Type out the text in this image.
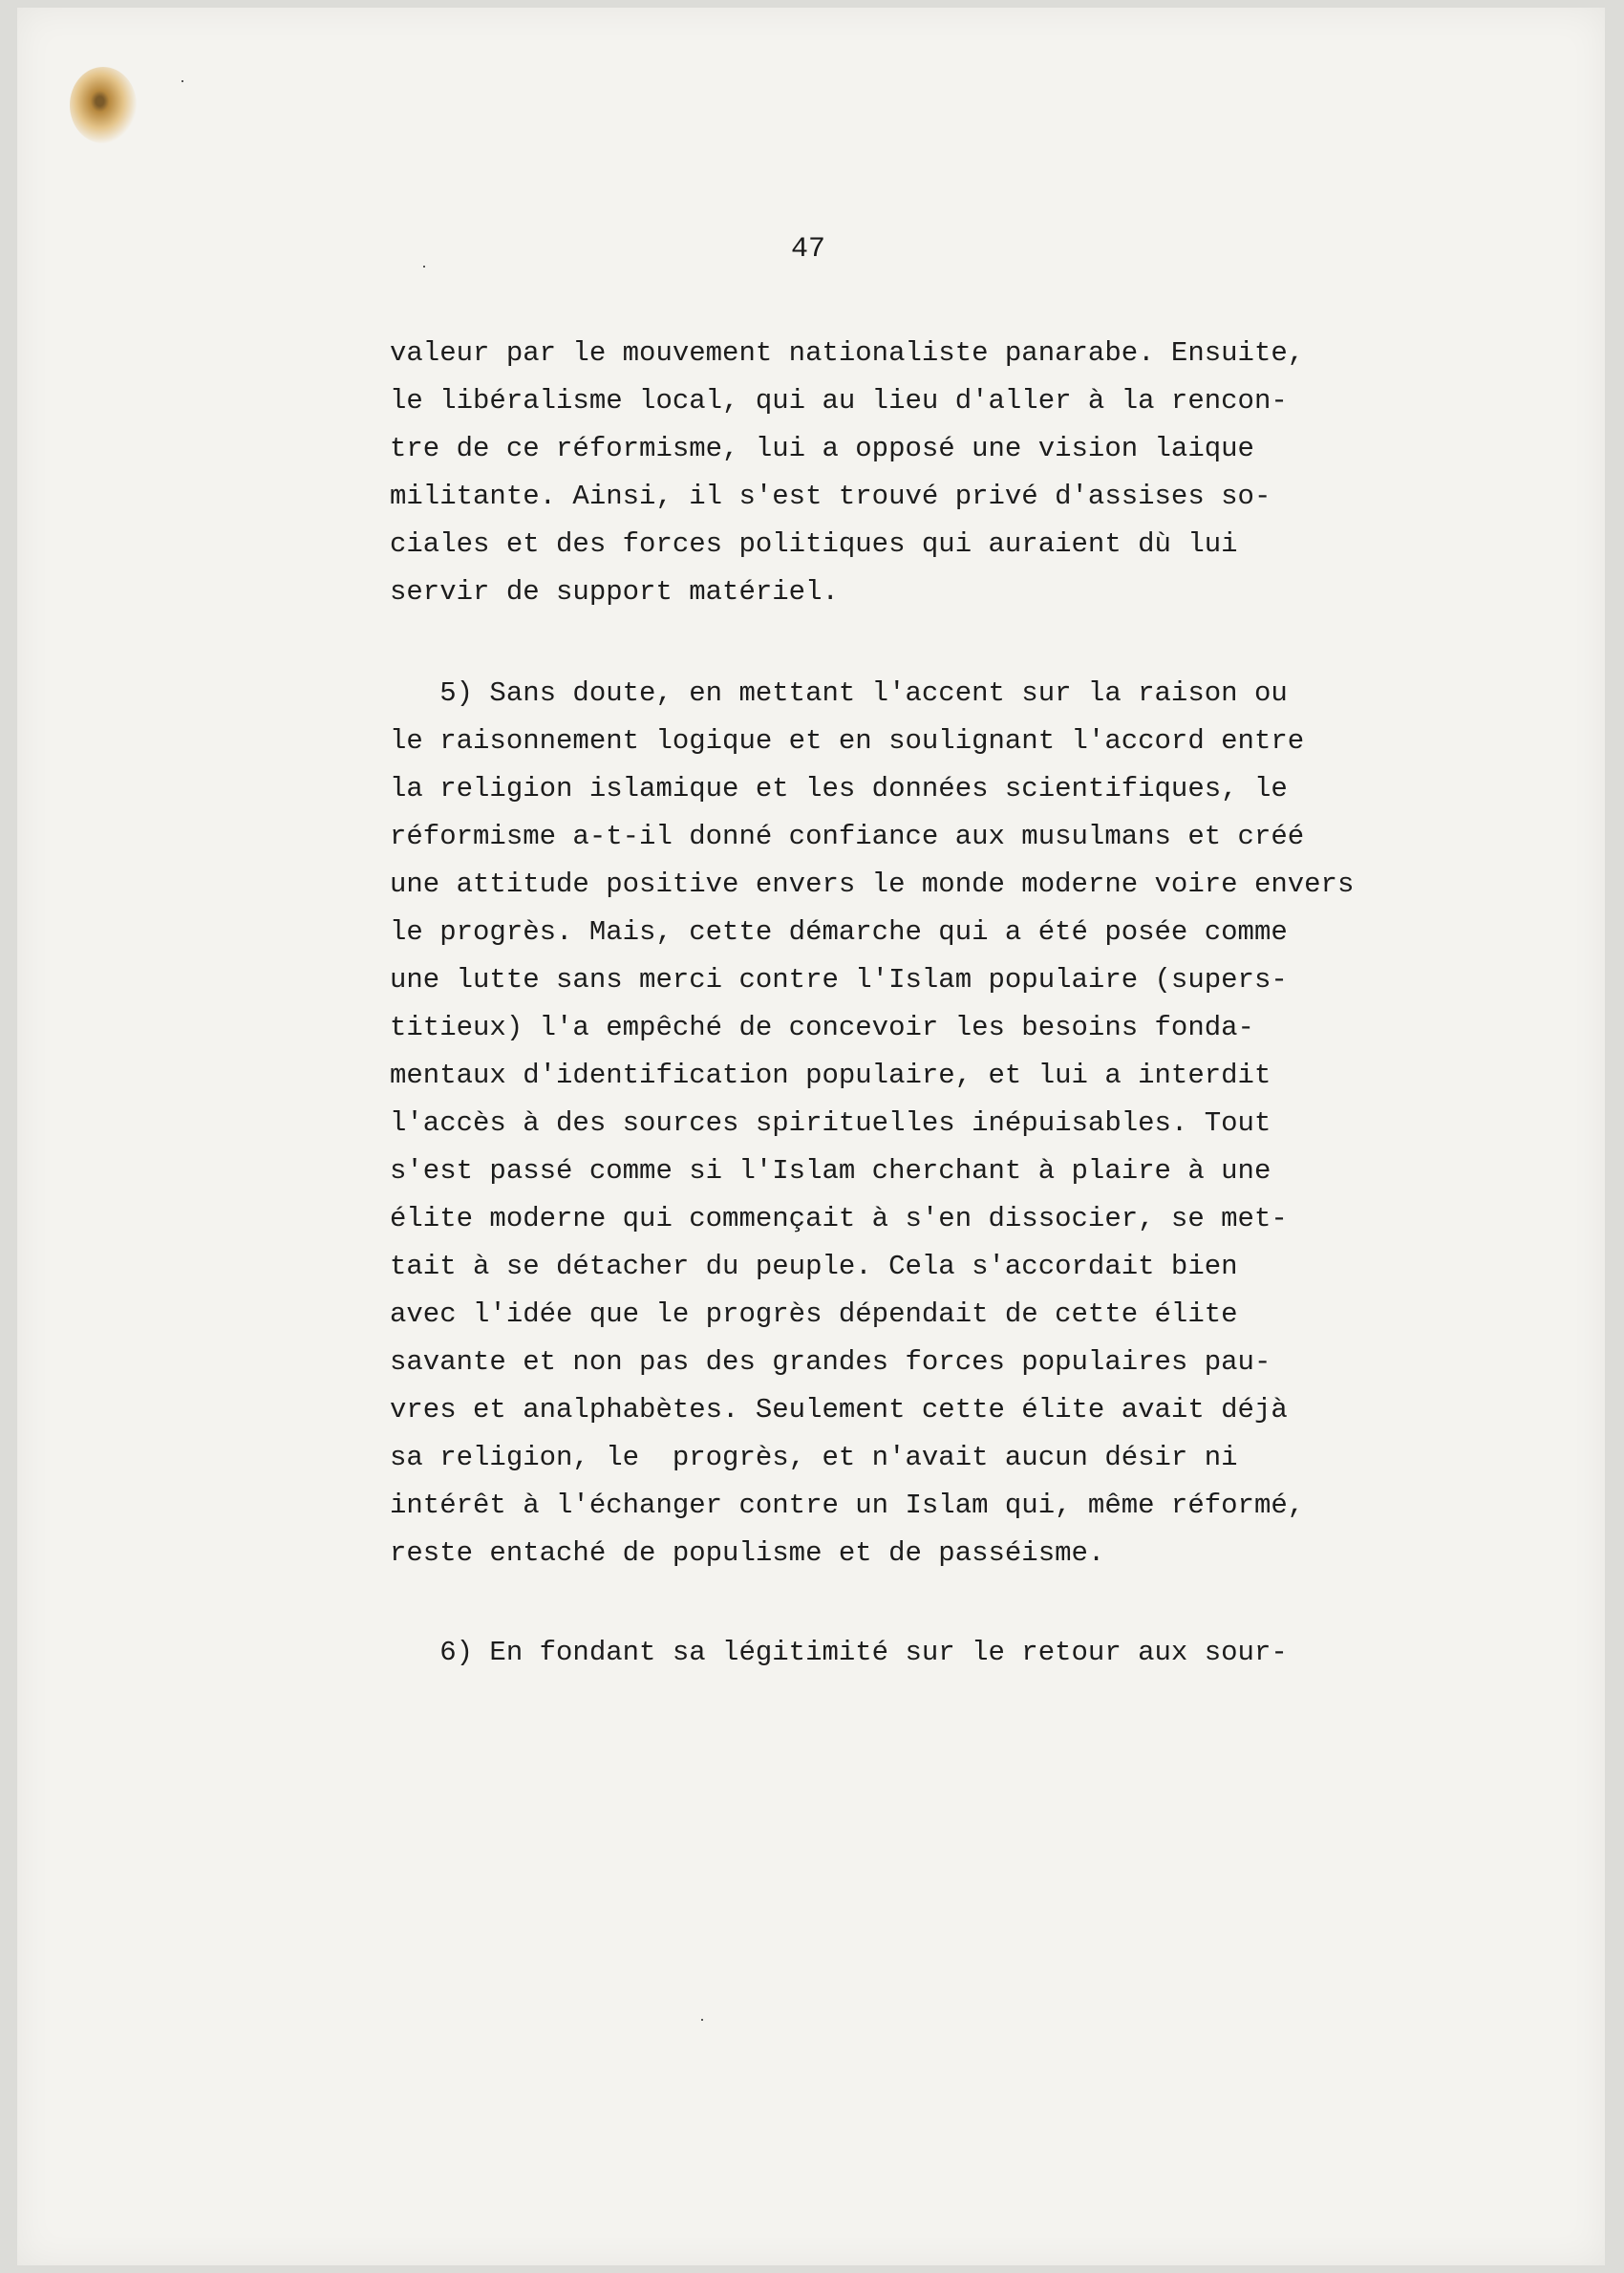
47
valeur par le mouvement nationaliste panarabe. Ensuite,
le libéralisme local, qui au lieu d'aller à la rencon-
tre de ce réformisme, lui a opposé une vision laique
militante. Ainsi, il s'est trouvé privé d'assises so-
ciales et des forces politiques qui auraient dù lui
servir de support matériel.
5) Sans doute, en mettant l'accent sur la raison ou
le raisonnement logique et en soulignant l'accord entre
la religion islamique et les données scientifiques, le
réformisme a-t-il donné confiance aux musulmans et créé
une attitude positive envers le monde moderne voire envers
le progrès. Mais, cette démarche qui a été posée comme
une lutte sans merci contre l'Islam populaire (supers-
titieux) l'a empêché de concevoir les besoins fonda-
mentaux d'identification populaire, et lui a interdit
l'accès à des sources spirituelles inépuisables. Tout
s'est passé comme si l'Islam cherchant à plaire à une
élite moderne qui commençait à s'en dissocier, se met-
tait à se détacher du peuple. Cela s'accordait bien
avec l'idée que le progrès dépendait de cette élite
savante et non pas des grandes forces populaires pau-
vres et analphabètes. Seulement cette élite avait déjà
sa religion, le  progrès, et n'avait aucun désir ni
intérêt à l'échanger contre un Islam qui, même réformé,
reste entaché de populisme et de passéisme.
6) En fondant sa légitimité sur le retour aux sour-
